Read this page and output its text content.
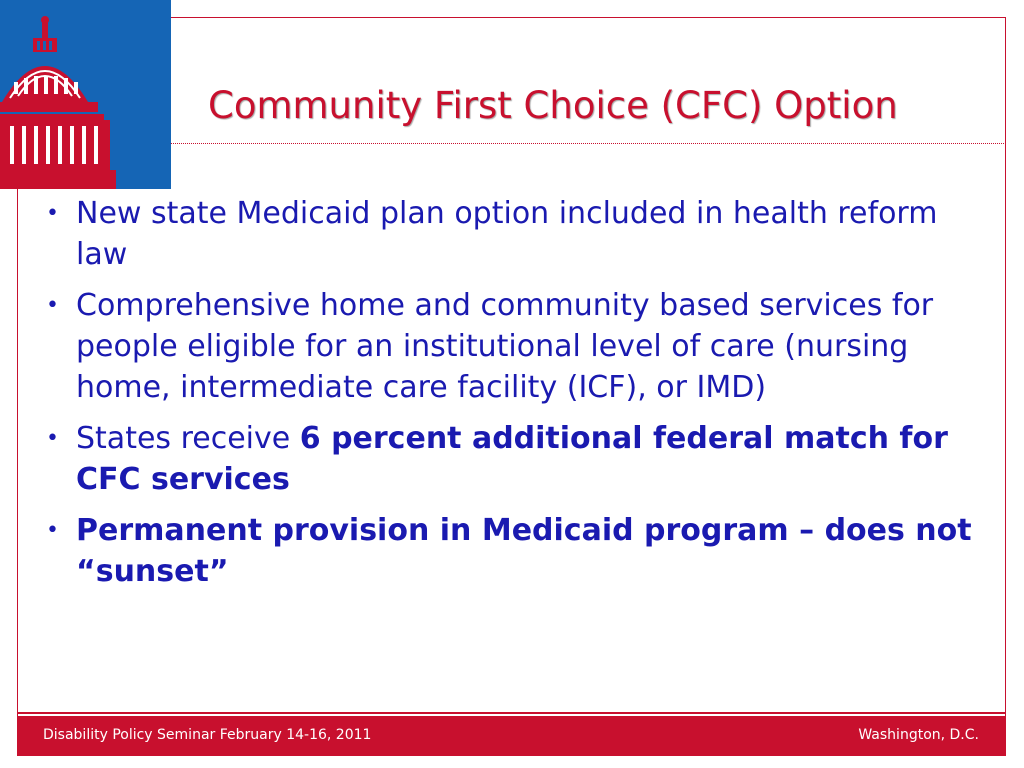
Community First Choice (CFC) Option
• New state Medicaid plan option included in health reform law
• Comprehensive home and community based services for people eligible for an institutional level of care (nursing home, intermediate care facility (ICF), or IMD)
• States receive 6 percent additional federal match for CFC services
• Permanent provision in Medicaid program – does not “sunset”
Disability Policy Seminar February 14-16, 2011	Washington, D.C.
